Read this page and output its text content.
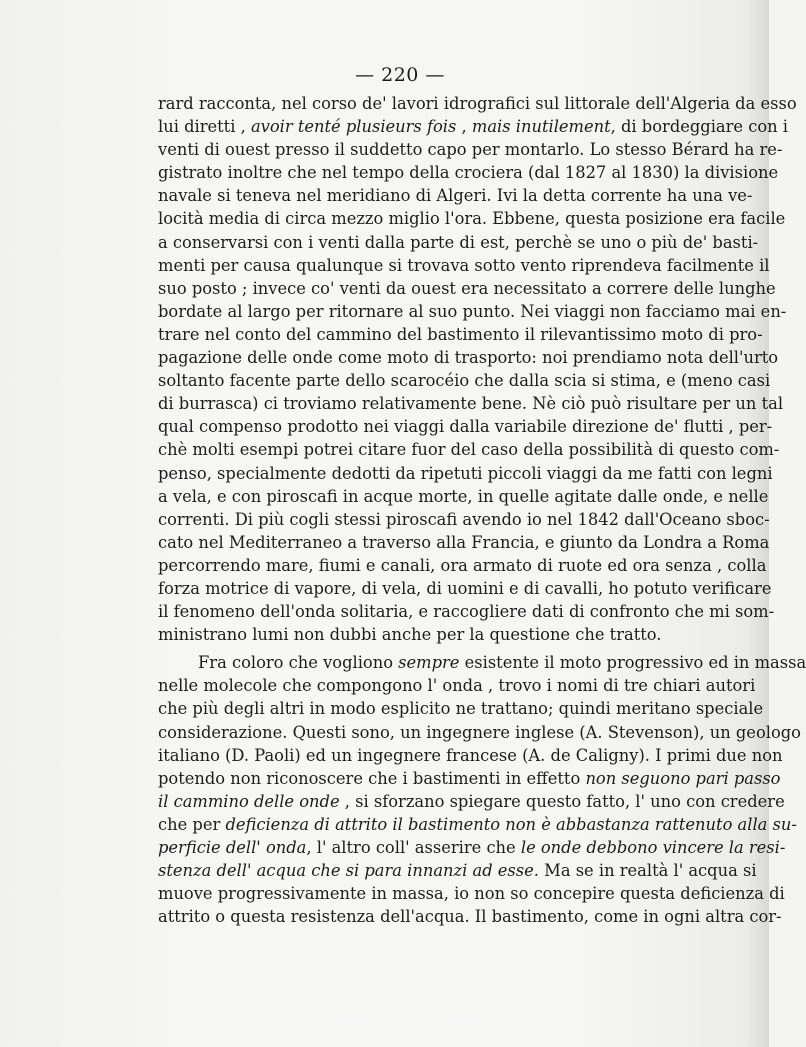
— 220 —
rard racconta, nel corso de' lavori idrografici sul littorale dell'Algeria da esso
lui diretti , avoir tenté plusieurs fois , mais inutilement, di bordeggiare con i
venti di ouest presso il suddetto capo per montarlo. Lo stesso Bérard ha re-
gistrato inoltre che nel tempo della crociera (dal 1827 al 1830) la divisione
navale si teneva nel meridiano di Algeri. Ivi la detta corrente ha una ve-
locità media di circa mezzo miglio l'ora. Ebbene, questa posizione era facile
a conservarsi con i venti dalla parte di est, perchè se uno o più de' basti-
menti per causa qualunque si trovava sotto vento riprendeva facilmente il
suo posto ; invece co' venti da ouest era necessitato a correre delle lunghe
bordate al largo per ritornare al suo punto. Nei viaggi non facciamo mai en-
trare nel conto del cammino del bastimento il rilevantissimo moto di pro-
pagazione delle onde come moto di trasporto: noi prendiamo nota dell'urto
soltanto facente parte dello scarocéio che dalla scia si stima, e (meno casi
di burrasca) ci troviamo relativamente bene. Nè ciò può risultare per un tal
qual compenso prodotto nei viaggi dalla variabile direzione de' flutti , per-
chè molti esempi potrei citare fuor del caso della possibilità di questo com-
penso, specialmente dedotti da ripetuti piccoli viaggi da me fatti con legni
a vela, e con piroscafi in acque morte, in quelle agitate dalle onde, e nelle
correnti. Di più cogli stessi piroscafi avendo io nel 1842 dall'Oceano sboc-
cato nel Mediterraneo a traverso alla Francia, e giunto da Londra a Roma
percorrendo mare, fiumi e canali, ora armato di ruote ed ora senza , colla
forza motrice di vapore, di vela, di uomini e di cavalli, ho potuto verificare
il fenomeno dell'onda solitaria, e raccogliere dati di confronto che mi som-
ministrano lumi non dubbi anche per la questione che tratto.
Fra coloro che vogliono sempre esistente il moto progressivo ed in massa
nelle molecole che compongono l' onda , trovo i nomi di tre chiari autori
che più degli altri in modo esplicito ne trattano; quindi meritano speciale
considerazione. Questi sono, un ingegnere inglese (A. Stevenson), un geologo
italiano (D. Paoli) ed un ingegnere francese (A. de Caligny). I primi due non
potendo non riconoscere che i bastimenti in effetto non seguono pari passo
il cammino delle onde , si sforzano spiegare questo fatto, l' uno con credere
che per deficienza di attrito il bastimento non è abbastanza rattenuto alla su-
perficie dell' onda, l' altro coll' asserire che le onde debbono vincere la resi-
stenza dell' acqua che si para innanzi ad esse. Ma se in realtà l' acqua si
muove progressivamente in massa, io non so concepire questa deficienza di
attrito o questa resistenza dell'acqua. Il bastimento, come in ogni altra cor-
